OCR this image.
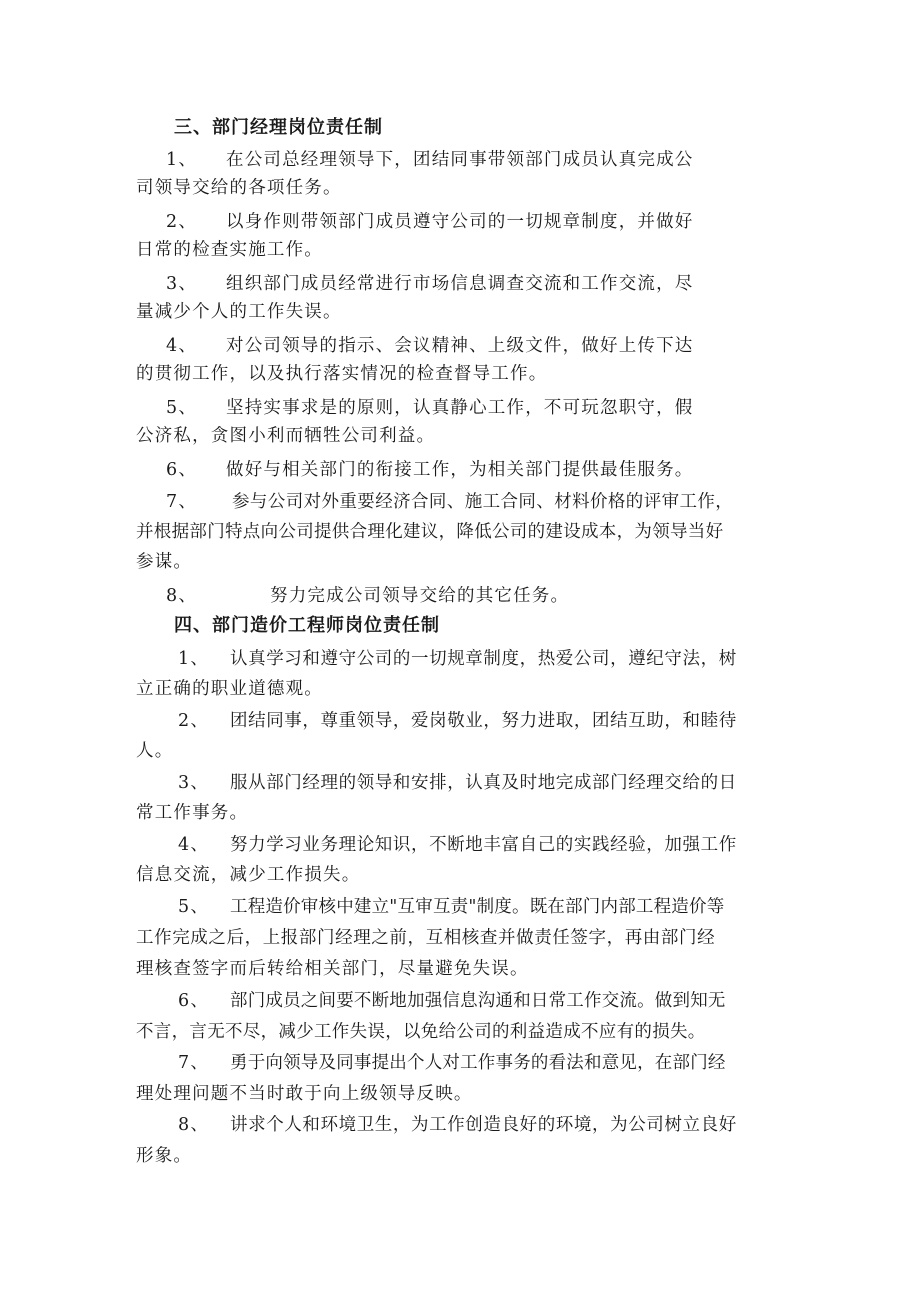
三、部门经理岗位责任制
1、 在公司总经理领导下，团结同事带领部门成员认真完成公
司领导交给的各项任务。
2、 以身作则带领部门成员遵守公司的一切规章制度，并做好
日常的检查实施工作。
3、 组织部门成员经常进行市场信息调查交流和工作交流，尽
量减少个人的工作失误。
4、 对公司领导的指示、会议精神、上级文件，做好上传下达
的贯彻工作，以及执行落实情况的检查督导工作。
5、 坚持实事求是的原则，认真静心工作，不可玩忽职守，假
公济私，贪图小利而牺牲公司利益。
6、 做好与相关部门的衔接工作，为相关部门提供最佳服务。
7、 参与公司对外重要经济合同、施工合同、材料价格的评审工作，
并根据部门特点向公司提供合理化建议，降低公司的建设成本，为领导当好
参谋。
8、	努力完成公司领导交给的其它任务。
四、部门造价工程师岗位责任制
1、 认真学习和遵守公司的一切规章制度，热爱公司，遵纪守法，树
立正确的职业道德观。
2、 团结同事，尊重领导，爱岗敬业，努力进取，团结互助，和睦待
人。
3、 服从部门经理的领导和安排，认真及时地完成部门经理交给的日
常工作事务。
4、 努力学习业务理论知识，不断地丰富自己的实践经验，加强工作
信息交流，减少工作损失。
5、 工程造价审核中建立"互审互责"制度。既在部门内部工程造价等
工作完成之后，上报部门经理之前，互相核查并做责任签字，再由部门经
理核查签字而后转给相关部门，尽量避免失误。
6、 部门成员之间要不断地加强信息沟通和日常工作交流。做到知无
不言，言无不尽，减少工作失误，以免给公司的利益造成不应有的损失。
7、 勇于向领导及同事提出个人对工作事务的看法和意见，在部门经
理处理问题不当时敢于向上级领导反映。
8、 讲求个人和环境卫生，为工作创造良好的环境，为公司树立良好
形象。
